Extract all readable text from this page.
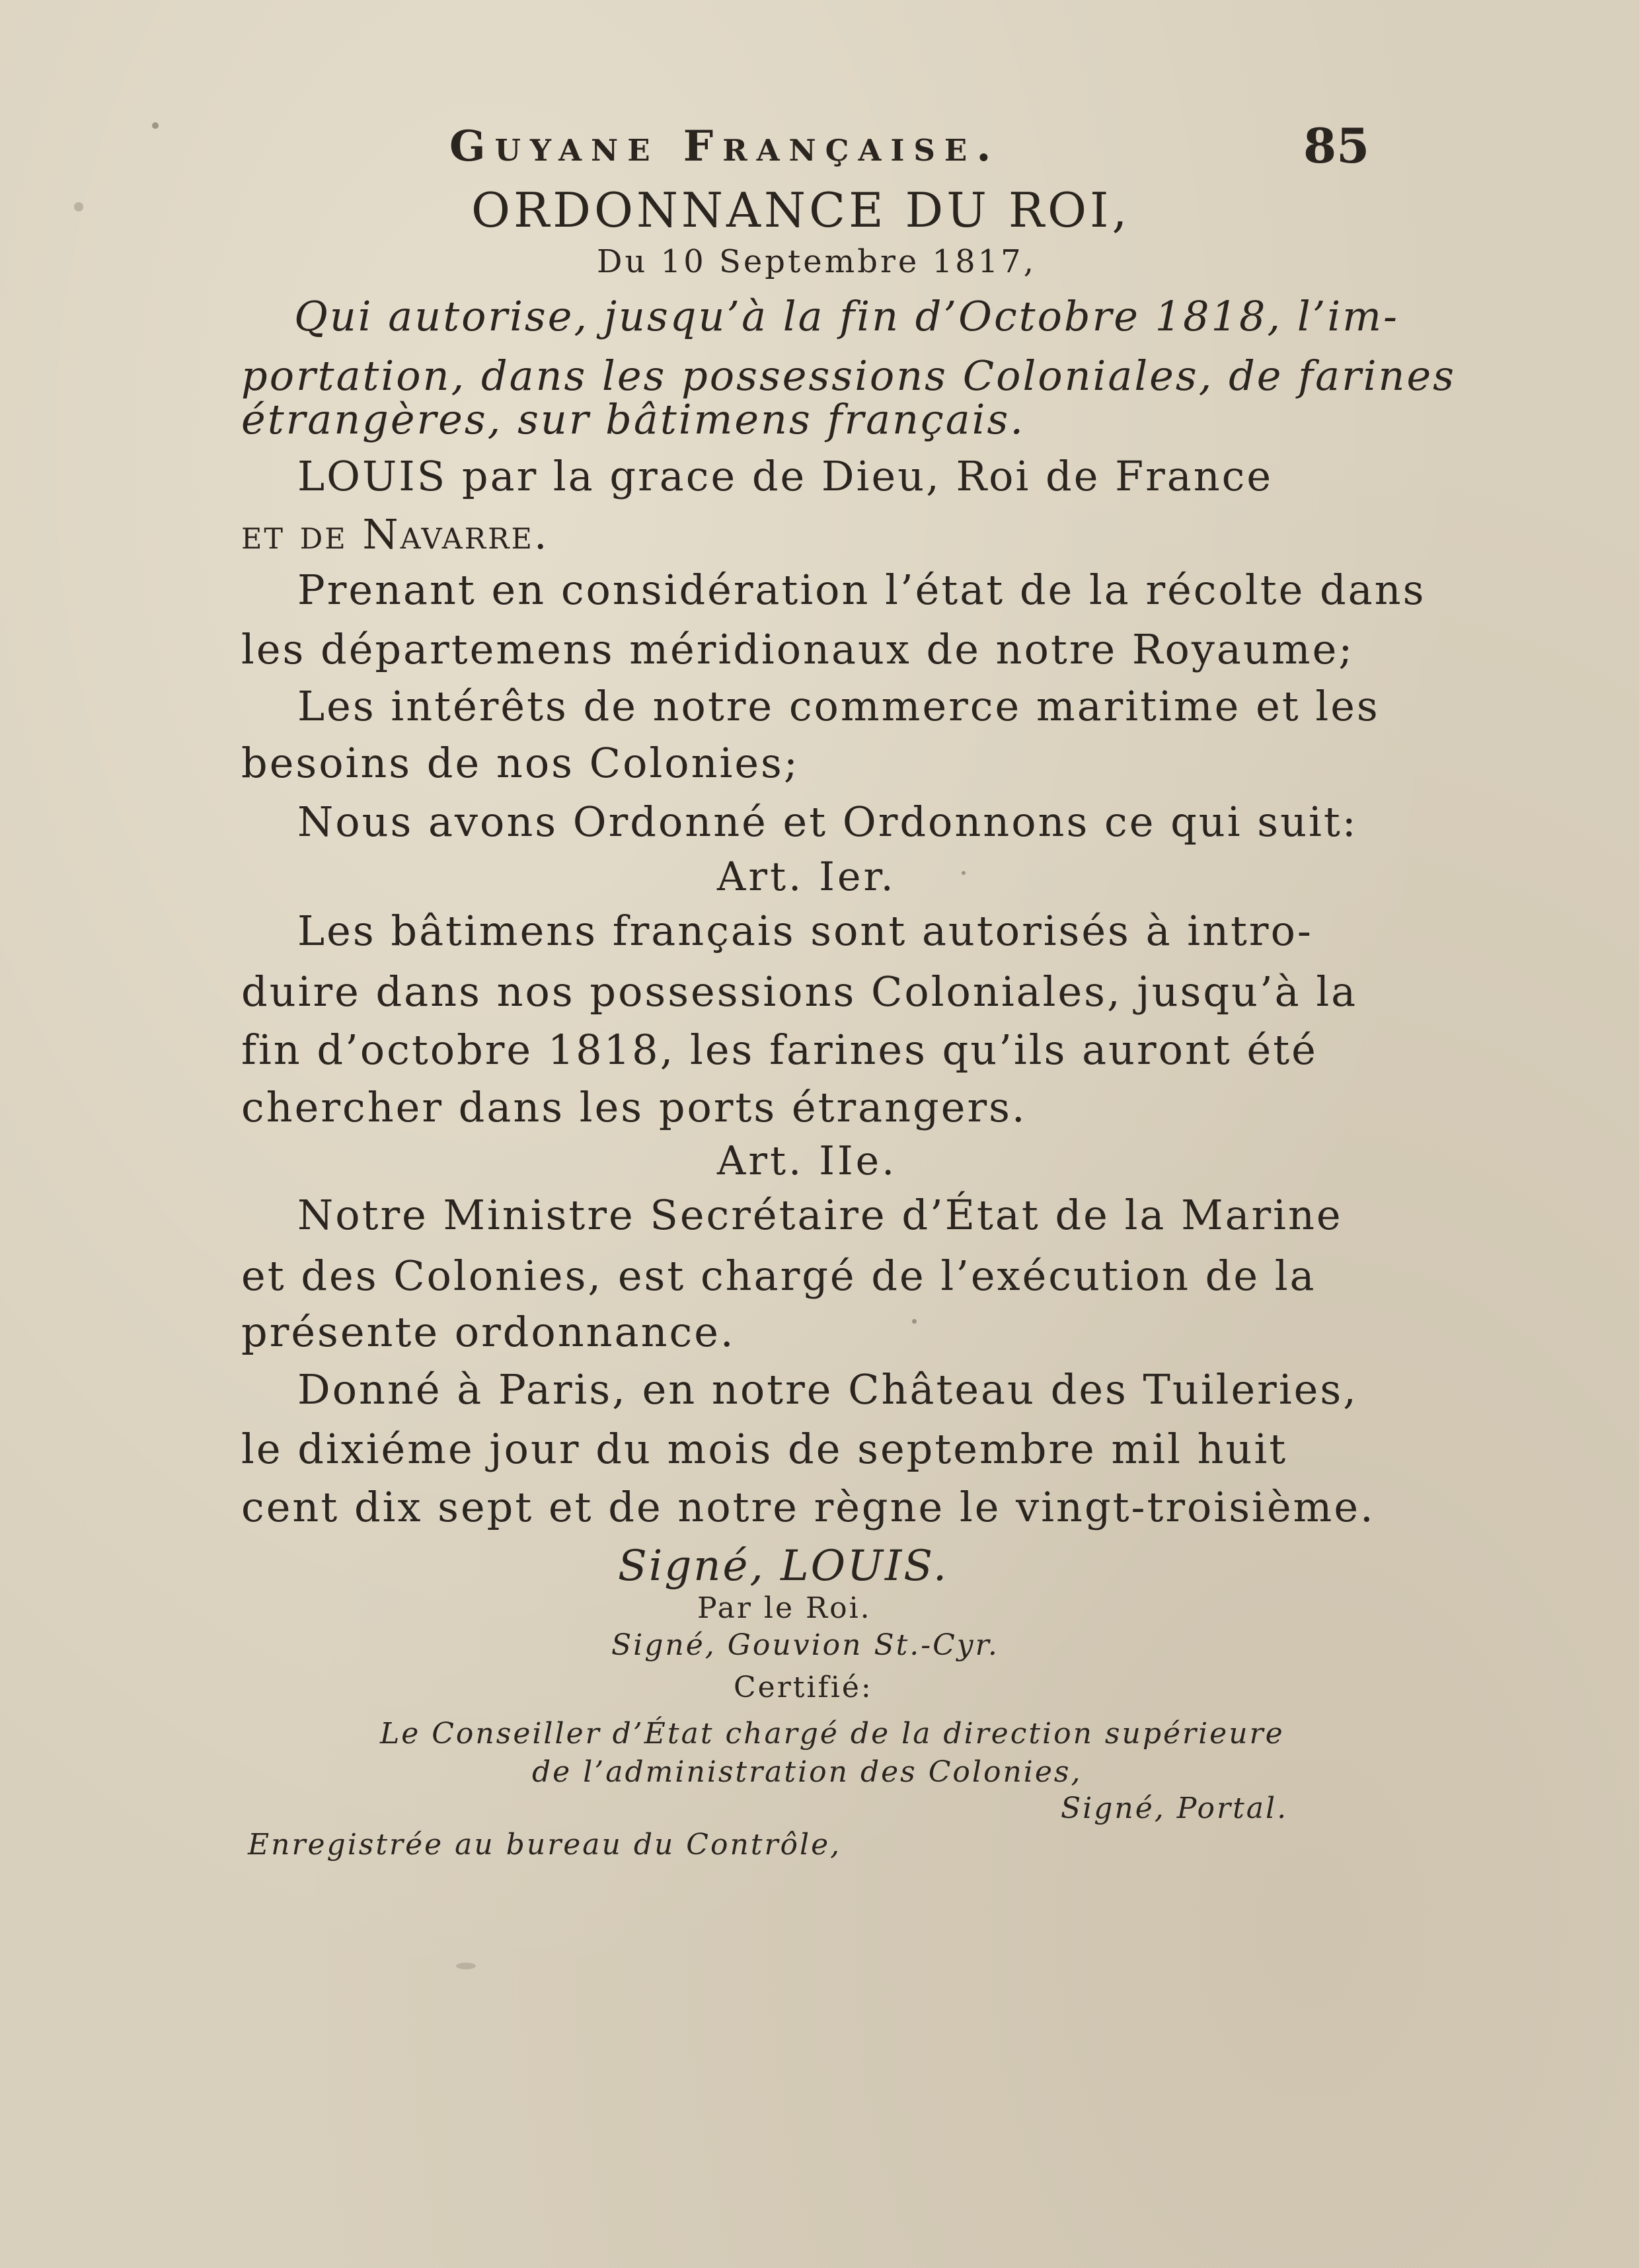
Guyane Française.	85
ORDONNANCE DU ROI,
Du 10 Septembre 1817,
Qui autorise, jusqu’à la fin d’Octobre 1818, l’im-
portation, dans les possessions Coloniales, de farines
étrangères, sur bâtimens français.
LOUIS par la grace de Dieu, Roi de France
et de Navarre.
Prenant en considération l’état de la récolte dans
les départemens méridionaux de notre Royaume;
Les intérêts de notre commerce maritime et les
besoins de nos Colonies;
Nous avons Ordonné et Ordonnons ce qui suit:
Art. Ier.
Les bâtimens français sont autorisés à intro-
duire dans nos possessions Coloniales, jusqu’à la
fin d’octobre 1818, les farines qu’ils auront été
chercher dans les ports étrangers.
Art. IIe.
Notre Ministre Secrétaire d’État de la Marine
et des Colonies, est chargé de l’exécution de la
présente ordonnance.
Donné à Paris, en notre Château des Tuileries,
le dixiéme jour du mois de septembre mil huit
cent dix sept et de notre règne le vingt-troisième.
Signé, LOUIS.
Par le Roi.
Signé, Gouvion St.-Cyr.
Certifié:
Le Conseiller d’État chargé de la direction supérieure
de l’administration des Colonies,
Signé, Portal.
Enregistrée au bureau du Contrôle,
